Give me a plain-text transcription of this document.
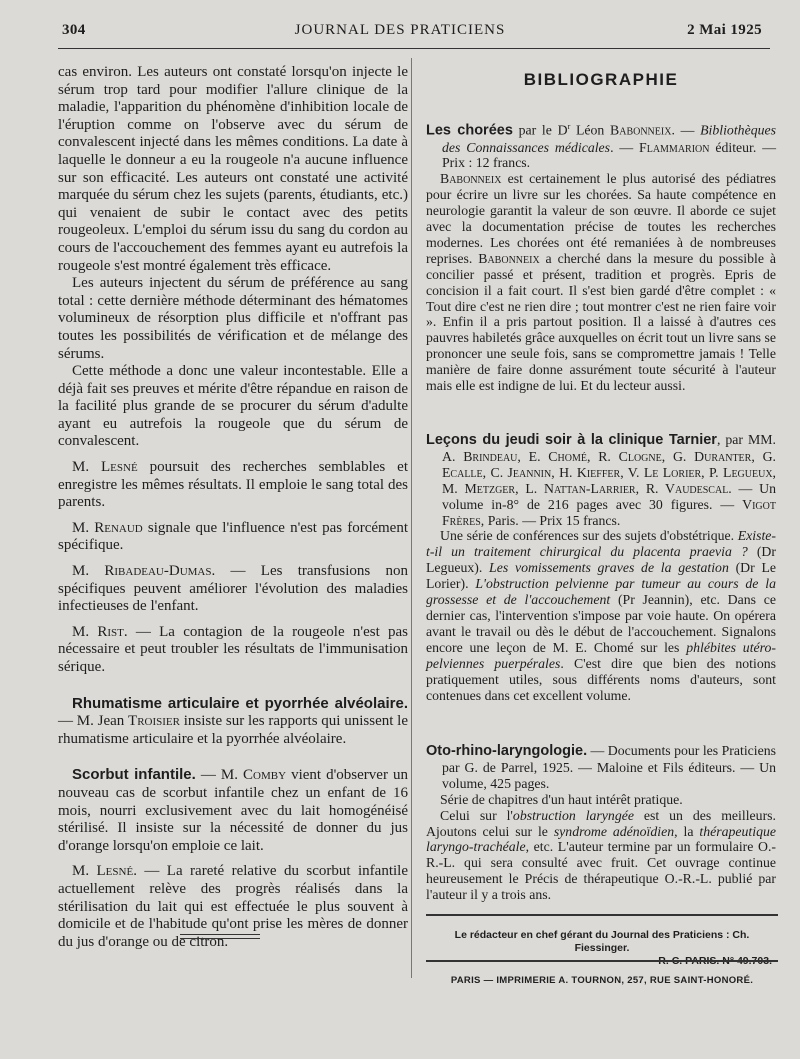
304	JOURNAL DES PRATICIENS	2 Mai 1925

cas environ. Les auteurs ont constaté lorsqu'on injecte le sérum trop tard pour modifier l'allure clinique de la maladie, l'apparition du phénomène d'inhibition locale de l'éruption comme on l'observe avec du sérum de convalescent injecté dans les mêmes conditions. La date à laquelle le donneur a eu la rougeole n'a aucune influence sur son efficacité. Les auteurs ont constaté une activité marquée du sérum chez les sujets (parents, étudiants, etc.) qui venaient de subir le contact avec des petits rougeoleux. L'emploi du sérum issu du sang du cordon au cours de l'accouchement des femmes ayant eu autrefois la rougeole s'est montré également très efficace.

Les auteurs injectent du sérum de préférence au sang total : cette dernière méthode déterminant des hématomes volumineux de résorption plus difficile et n'offrant pas toutes les possibilités de vérification et de mélange des sérums.

Cette méthode a donc une valeur incontestable. Elle a déjà fait ses preuves et mérite d'être répandue en raison de la facilité plus grande de se procurer du sérum d'adulte ayant eu autrefois la rougeole que du sérum de convalescent.

M. Lesné poursuit des recherches semblables et enregistre les mêmes résultats. Il emploie le sang total des parents.

M. Renaud signale que l'influence n'est pas forcément spécifique.

M. Ribadeau-Dumas. — Les transfusions non spécifiques peuvent améliorer l'évolution des maladies infectieuses de l'enfant.

M. Rist. — La contagion de la rougeole n'est pas nécessaire et peut troubler les résultats de l'immunisation sérique.

Rhumatisme articulaire et pyorrhée alvéolaire. — M. Jean Troisier insiste sur les rapports qui unissent le rhumatisme articulaire et la pyorrhée alvéolaire.

Scorbut infantile. — M. Comby vient d'observer un nouveau cas de scorbut infantile chez un enfant de 16 mois, nourri exclusivement avec du lait homogénéisé stérilisé. Il insiste sur la nécessité de donner du jus d'orange lorsqu'on emploie ce lait.

M. Lesné. — La rareté relative du scorbut infantile actuellement relève des progrès réalisés dans la stérilisation du lait qui est effectuée le plus souvent à domicile et de l'habitude qu'ont prise les mères de donner du jus d'orange ou de citron.

BIBLIOGRAPHIE

Les chorées par le $D^r$ Léon Babonneix. — Bibliothèques des Connaissances médicales. — Flammarion éditeur. — Prix : 12 francs.

Babonneix est certainement le plus autorisé des pédiatres pour écrire un livre sur les chorées. Sa haute compétence en neurologie garantit la valeur de son œuvre. Il aborde ce sujet avec la documentation précise de toutes les recherches modernes. Les chorées ont été remaniées à de nombreuses reprises. Babonneix a cherché dans la mesure du possible à concilier passé et présent, tradition et progrès. Epris de concision il a fait court. Il s'est bien gardé d'être complet : « Tout dire c'est ne rien dire ; tout montrer c'est ne rien faire voir ». Enfin il a pris partout position. Il a laissé à d'autres ces pauvres habiletés grâce auxquelles on écrit tout un livre sans se prononcer une seule fois, sans se compromettre jamais ! Telle manière de faire donne assurément toute sécurité à l'auteur mais elle est indigne de lui. Et du lecteur aussi.

Leçons du jeudi soir à la clinique Tarnier, par MM. A. Brindeau, E. Chomé, R. Clogne, G. Duranter, G. Ecalle, C. Jeannin, H. Kieffer, V. Le Lorier, P. Legueux, M. Metzger, L. Nattan-Larrier, R. Vaudescal. — Un volume in-8° de 216 pages avec 30 figures. — Vigot Frères, Paris. — Prix 15 francs.

Une série de conférences sur des sujets d'obstétrique. Existe-t-il un traitement chirurgical du placenta praevia ? (Dr Legueux). Les vomissements graves de la gestation (Dr Le Lorier). L'obstruction pelvienne par tumeur au cours de la grossesse et de l'accouchement (Pr Jeannin), etc. Dans ce dernier cas, l'intervention s'impose par voie haute. On opérera avant le travail ou dès le début de l'accouchement. Signalons encore une leçon de M. E. Chomé sur les phlébites utéro-pelviennes puerpérales. C'est dire que bien des notions pratiquement utiles, sous différents noms d'auteurs, sont contenues dans cet excellent volume.

Oto-rhino-laryngologie. — Documents pour les Praticiens par G. de Parrel, 1925. — Maloine et Fils éditeurs. — Un volume, 425 pages.

Série de chapitres d'un haut intérêt pratique.

Celui sur l'obstruction laryngée est un des meilleurs. Ajoutons celui sur le syndrome adénoïdien, la thérapeutique laryngo-trachéale, etc. L'auteur termine par un formulaire O.-R.-L. qui sera consulté avec fruit. Cet ouvrage continue heureusement le Précis de thérapeutique O.-R.-L. publié par l'auteur il y a trois ans.

Le rédacteur en chef gérant du Journal des Praticiens : Ch. Fiessinger.
PARIS — IMPRIMERIE A. TOURNON, 257, RUE SAINT-HONORÉ.
